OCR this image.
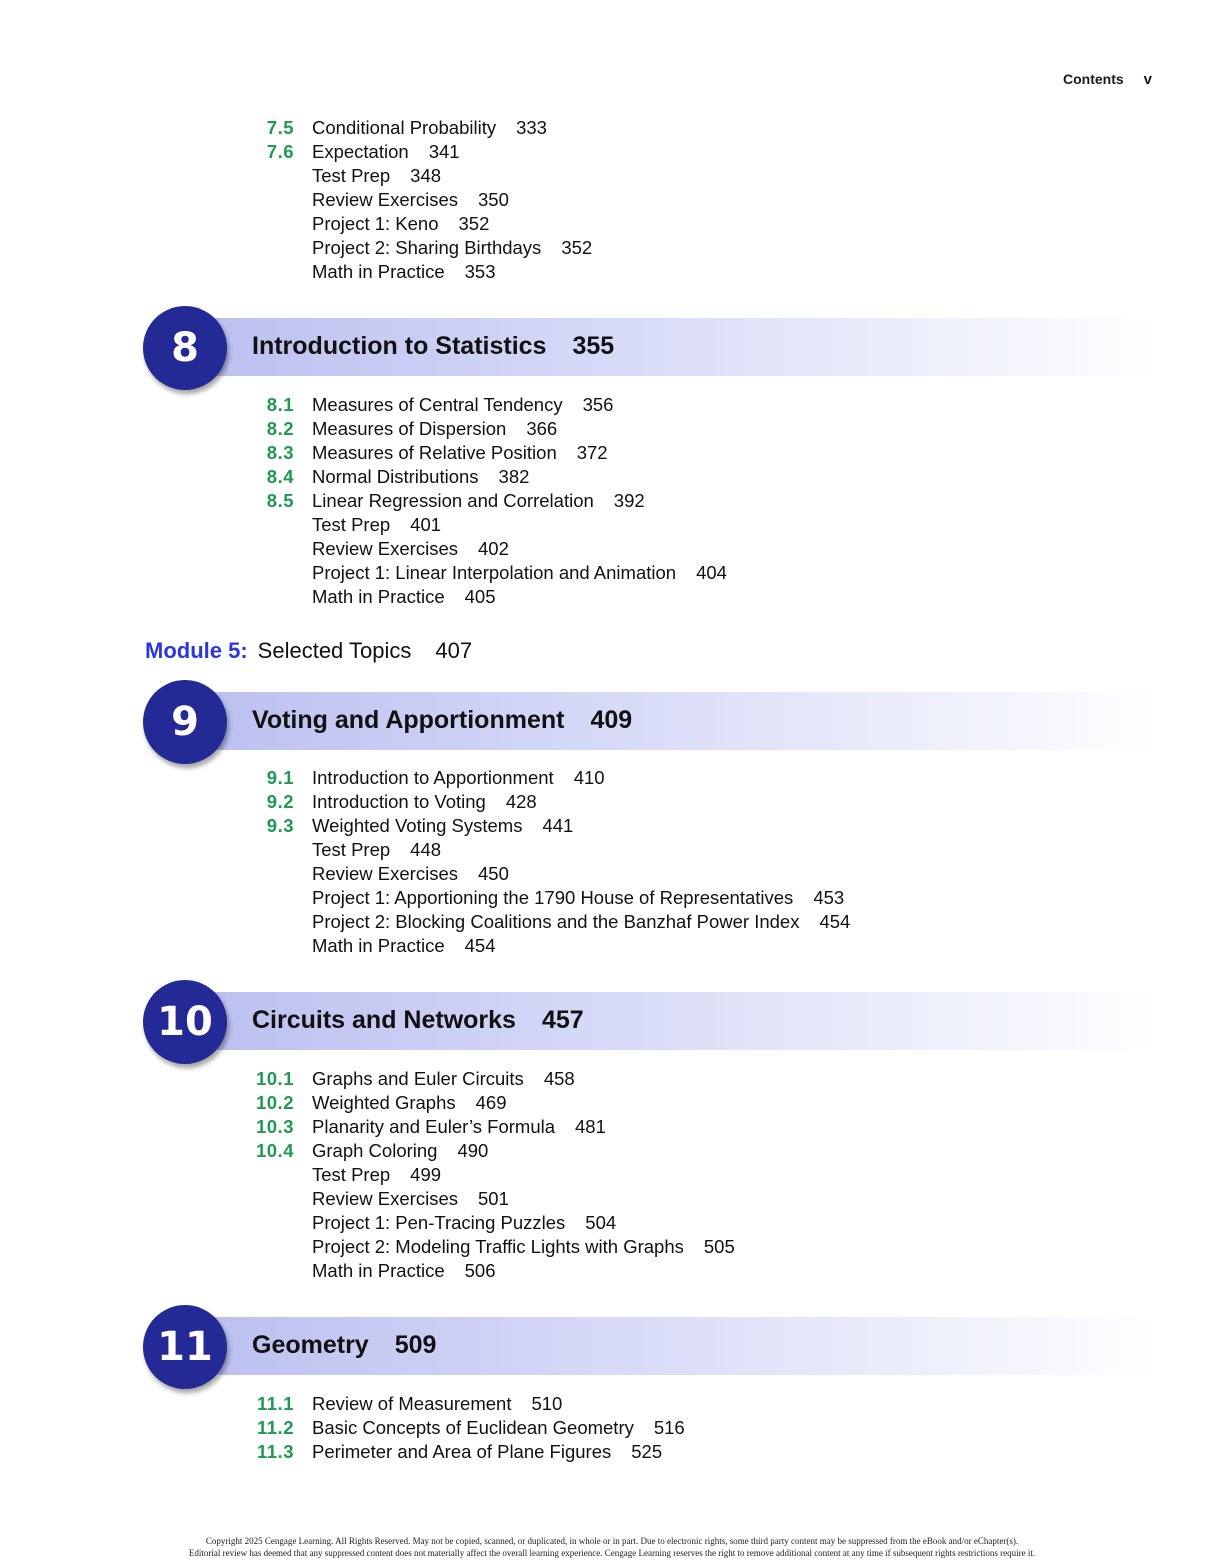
Contents v
7.5 Conditional Probability 333
7.6 Expectation 341
Test Prep 348
Review Exercises 350
Project 1: Keno 352
Project 2: Sharing Birthdays 352
Math in Practice 353
8	Introduction to Statistics 355
8.1 Measures of Central Tendency 356
8.2 Measures of Dispersion 366
8.3 Measures of Relative Position 372
8.4 Normal Distributions 382
8.5 Linear Regression and Correlation 392
Test Prep 401
Review Exercises 402
Project 1: Linear Interpolation and Animation 404
Math in Practice 405
Module 5: Selected Topics 407
9	Voting and Apportionment 409
9.1 Introduction to Apportionment 410
9.2 Introduction to Voting 428
9.3 Weighted Voting Systems 441
Test Prep 448
Review Exercises 450
Project 1: Apportioning the 1790 House of Representatives 453
Project 2: Blocking Coalitions and the Banzhaf Power Index 454
Math in Practice 454
10	Circuits and Networks 457
10.1 Graphs and Euler Circuits 458
10.2 Weighted Graphs 469
10.3 Planarity and Euler’s Formula 481
10.4 Graph Coloring 490
Test Prep 499
Review Exercises 501
Project 1: Pen-Tracing Puzzles 504
Project 2: Modeling Traffic Lights with Graphs 505
Math in Practice 506
11	Geometry 509
11.1 Review of Measurement 510
11.2 Basic Concepts of Euclidean Geometry 516
11.3 Perimeter and Area of Plane Figures 525
Copyright 2025 Cengage Learning. All Rights Reserved. May not be copied, scanned, or duplicated, in whole or in part. Due to electronic rights, some third party content may be suppressed from the eBook and/or eChapter(s).
Editorial review has deemed that any suppressed content does not materially affect the overall learning experience. Cengage Learning reserves the right to remove additional content at any time if subsequent rights restrictions require it.
